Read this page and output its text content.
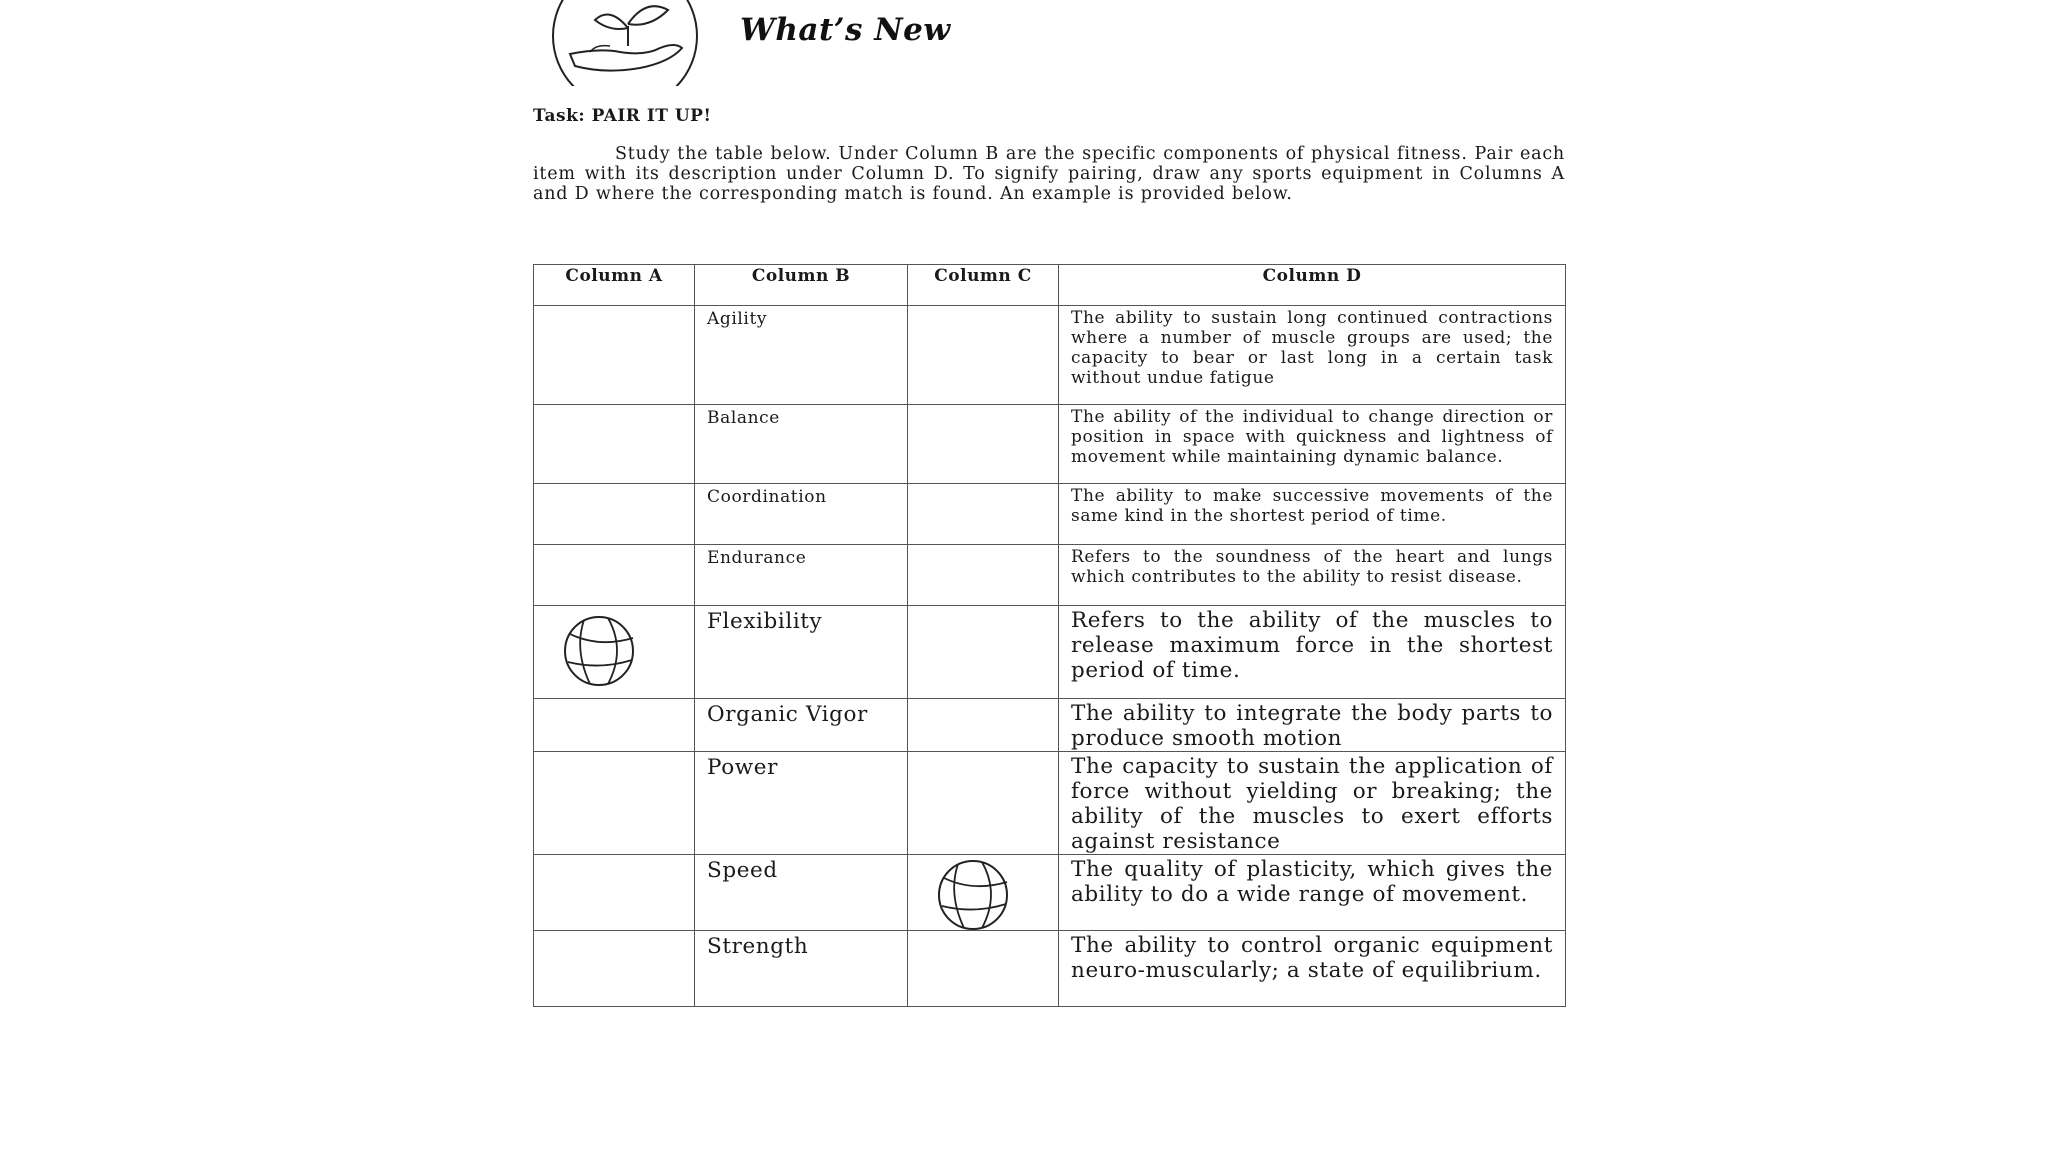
What’s New
Task: PAIR IT UP!

Study the table below. Under Column B are the specific components of physical fitness. Pair each item with its description under Column D. To signify pairing, draw any sports equipment in Columns A and D where the corresponding match is found. An example is provided below.

Column A	Column B	Column C	Column D
	Agility		The ability to sustain long continued contractions where a number of muscle groups are used; the capacity to bear or last long in a certain task without undue fatigue
	Balance		The ability of the individual to change direction or position in space with quickness and lightness of movement while maintaining dynamic balance.
	Coordination		The ability to make successive movements of the same kind in the shortest period of time.
	Endurance		Refers to the soundness of the heart and lungs which contributes to the ability to resist disease.

	Flexibility		Refers to the ability of the muscles to release maximum force in the shortest period of time.
	Organic Vigor		The ability to integrate the body parts to produce smooth motion
	Power		The capacity to sustain the application of force without yielding or breaking; the ability of the muscles to exert efforts against resistance
	Speed		The quality of plasticity, which gives the ability to do a wide range of movement.
	Strength		The ability to control organic equipment neuro-muscularly; a state of equilibrium.
